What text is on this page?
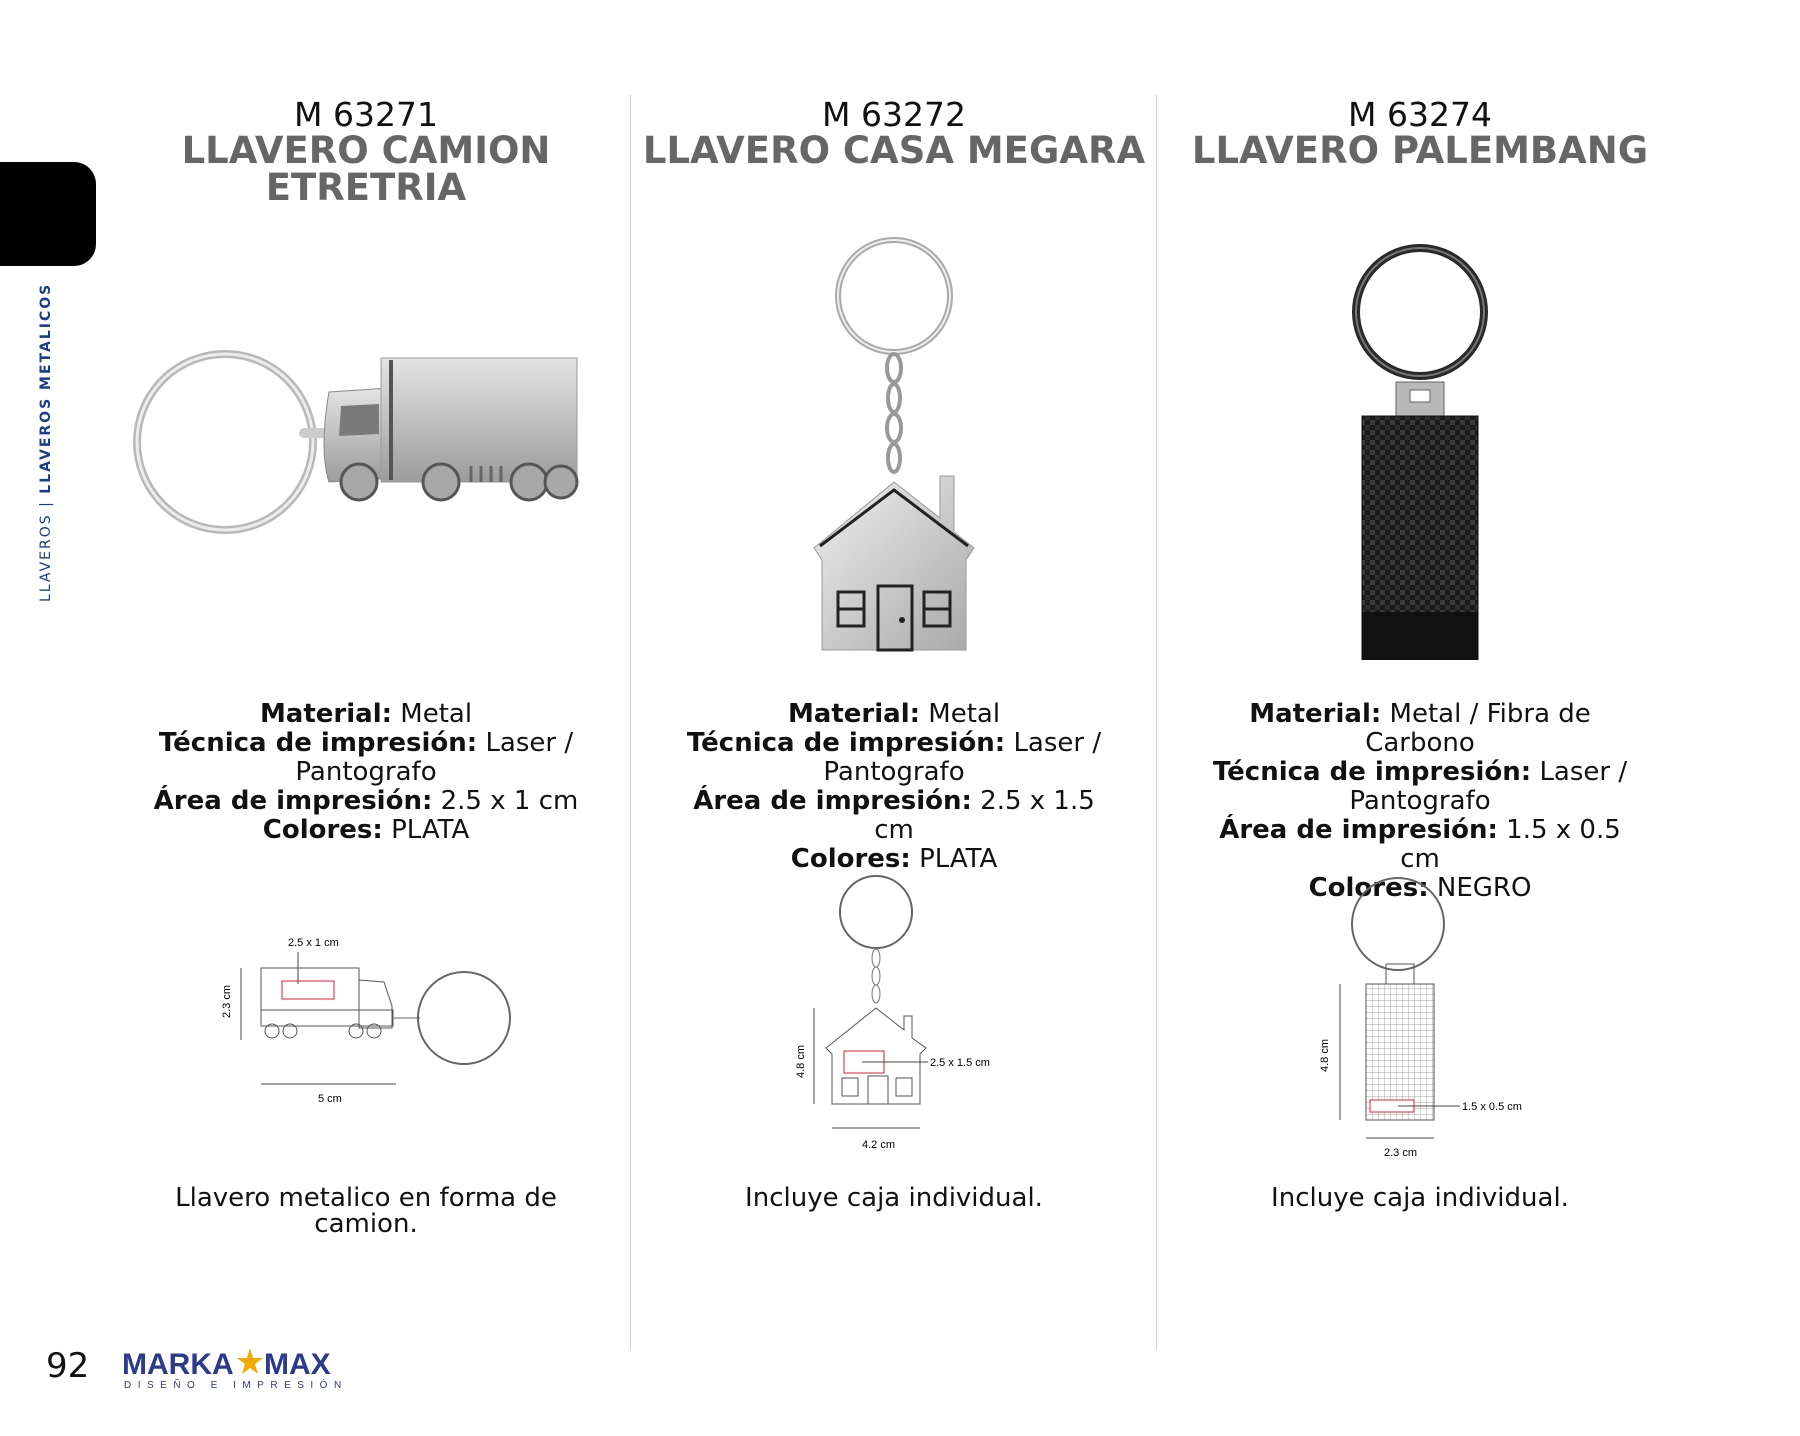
LLAVEROS | LLAVEROS METALICOS
M 63271
LLAVERO CAMION
ETRETRIA
Material: Metal
Técnica de impresión: Laser /
Pantografo
Área de impresión: 2.5 x 1 cm
Colores: PLATA
2.5 x 1 cm
2.3 cm
5 cm
Llavero metalico en forma de
camion.
M 63272
LLAVERO CASA MEGARA
Material: Metal
Técnica de impresión: Laser /
Pantografo
Área de impresión: 2.5 x 1.5 cm
Colores: PLATA
2.5 x 1.5 cm
4.8 cm
4.2 cm
Incluye caja individual.
M 63274
LLAVERO PALEMBANG
Material: Metal / Fibra de Carbono
Técnica de impresión: Laser /
Pantografo
Área de impresión: 1.5 x 0.5 cm
Colores: NEGRO
1.5 x 0.5 cm
4.8 cm
2.3 cm
Incluye caja individual.
92 MARKA MAX
DISEÑO E IMPRESIÓN
